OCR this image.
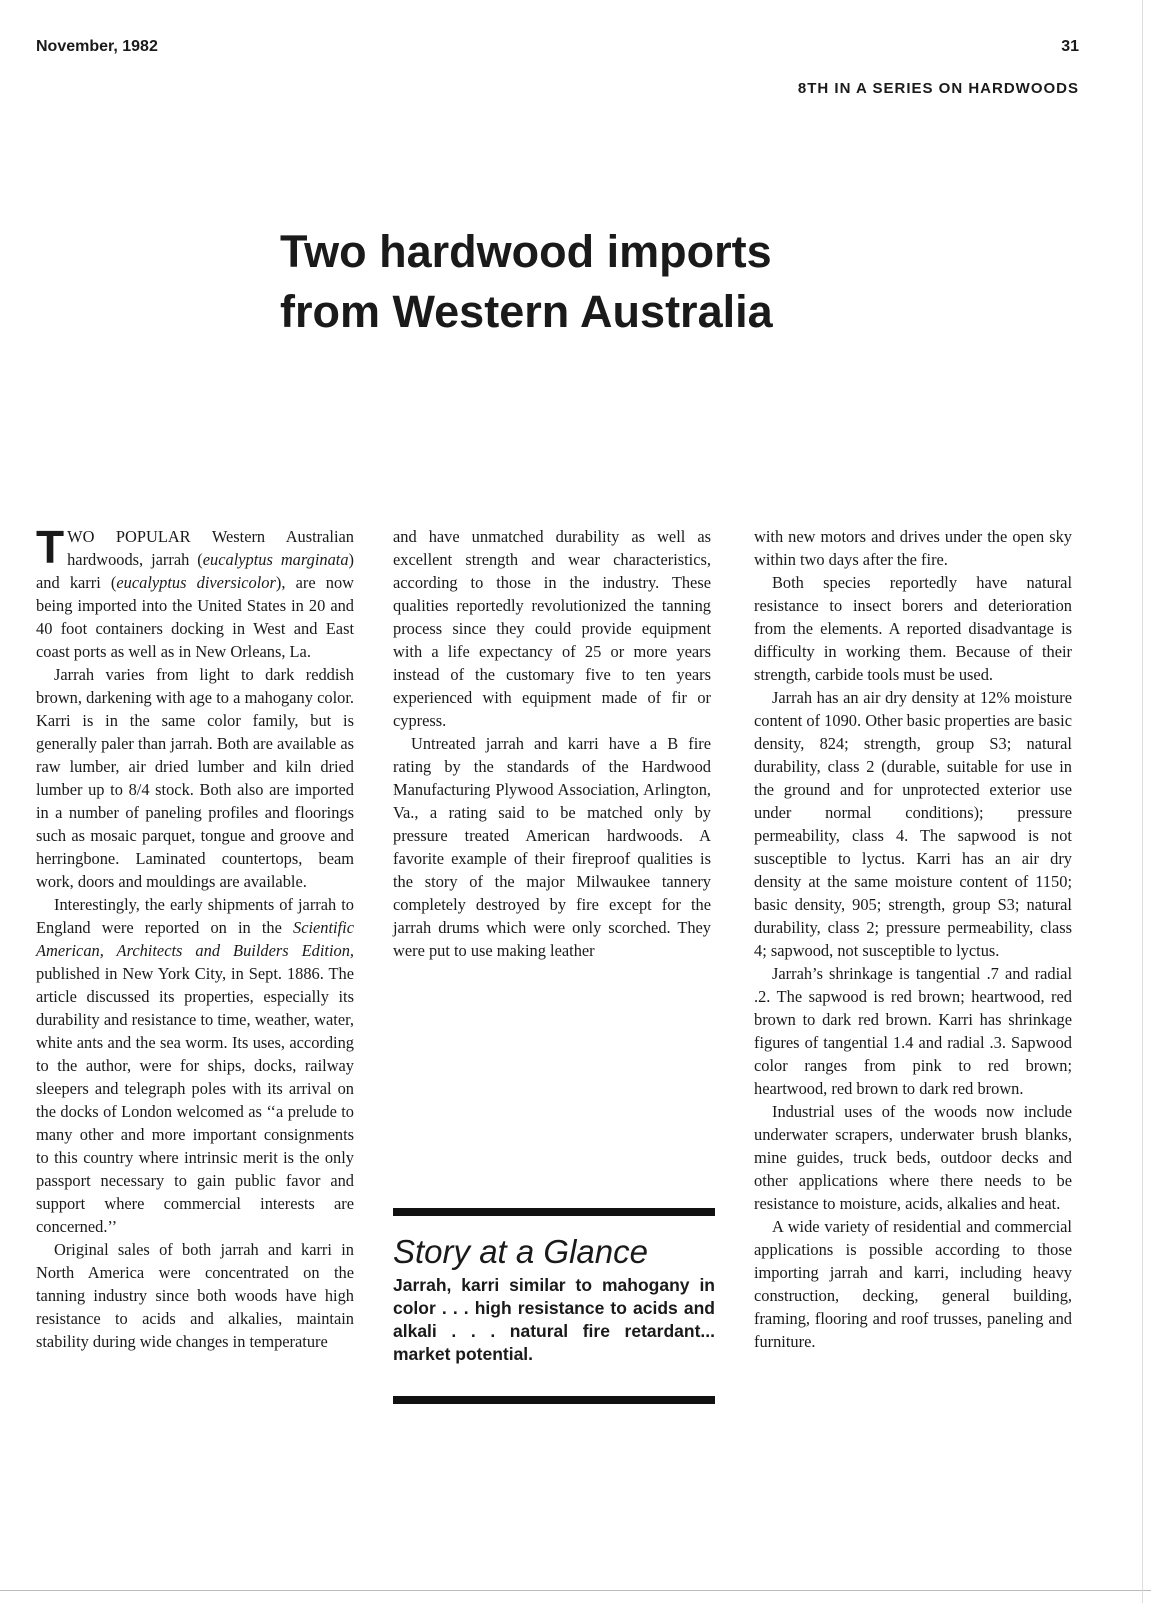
November, 1982	31
8TH IN A SERIES ON HARDWOODS
Two hardwood imports
from Western Australia

TWO POPULAR Western Australian hardwoods, jarrah (eucalyptus marginata) and karri (eucalyptus diversicolor), are now being imported into the United States in 20 and 40 foot containers docking in West and East coast ports as well as in New Orleans, La.

Jarrah varies from light to dark reddish brown, darkening with age to a mahogany color. Karri is in the same color family, but is generally paler than jarrah. Both are available as raw lumber, air dried lumber and kiln dried lumber up to 8/4 stock. Both also are imported in a number of paneling profiles and floorings such as mosaic parquet, tongue and groove and herringbone. Laminated countertops, beam work, doors and mouldings are available.

Interestingly, the early shipments of jarrah to England were reported on in the Scientific American, Architects and Builders Edition, published in New York City, in Sept. 1886. The article discussed its properties, especially its durability and resistance to time, weather, water, white ants and the sea worm. Its uses, according to the author, were for ships, docks, railway sleepers and telegraph poles with its arrival on the docks of London welcomed as ‘‘a prelude to many other and more important consignments to this country where intrinsic merit is the only passport necessary to gain public favor and support where commercial interests are concerned.’’

Original sales of both jarrah and karri in North America were concentrated on the tanning industry since both woods have high resistance to acids and alkalies, maintain stability during wide changes in temperature

and have unmatched durability as well as excellent strength and wear characteristics, according to those in the industry. These qualities reportedly revolutionized the tanning process since they could provide equipment with a life expectancy of 25 or more years instead of the customary five to ten years experienced with equipment made of fir or cypress.

Untreated jarrah and karri have a B fire rating by the standards of the Hardwood Manufacturing Plywood Association, Arlington, Va., a rating said to be matched only by pressure treated American hardwoods. A favorite example of their fireproof qualities is the story of the major Milwaukee tannery completely destroyed by fire except for the jarrah drums which were only scorched. They were put to use making leather

with new motors and drives under the open sky within two days after the fire.

Both species reportedly have natural resistance to insect borers and deterioration from the elements. A reported disadvantage is difficulty in working them. Because of their strength, carbide tools must be used.

Jarrah has an air dry density at 12% moisture content of 1090. Other basic properties are basic density, 824; strength, group S3; natural durability, class 2 (durable, suitable for use in the ground and for unprotected exterior use under normal conditions); pressure permeability, class 4. The sapwood is not susceptible to lyctus. Karri has an air dry density at the same moisture content of 1150; basic density, 905; strength, group S3; natural durability, class 2; pressure permeability, class 4; sapwood, not susceptible to lyctus.

Jarrah’s shrinkage is tangential .7 and radial .2. The sapwood is red brown; heartwood, red brown to dark red brown. Karri has shrinkage figures of tangential 1.4 and radial .3. Sapwood color ranges from pink to red brown; heartwood, red brown to dark red brown.

Industrial uses of the woods now include underwater scrapers, underwater brush blanks, mine guides, truck beds, outdoor decks and other applications where there needs to be resistance to moisture, acids, alkalies and heat.

A wide variety of residential and commercial applications is possible according to those importing jarrah and karri, including heavy construction, decking, general building, framing, flooring and roof trusses, paneling and furniture.

Story at a Glance

Jarrah, karri similar to mahogany in color . . . high resistance to acids and alkali . . . natural fire retardant... market potential.
